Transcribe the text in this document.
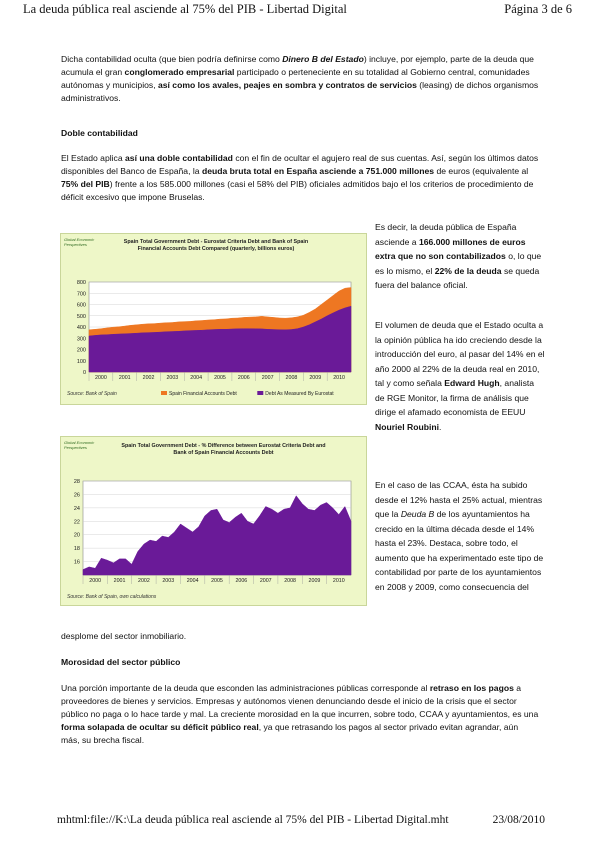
La deuda pública real asciende al 75% del PIB - Libertad Digital	Página 3 de 6

Dicha contabilidad oculta (que bien podría definirse como Dinero B del Estado) incluye, por ejemplo, parte de la deuda que acumula el gran conglomerado empresarial participado o perteneciente en su totalidad al Gobierno central, comunidades autónomas y municipios, así como los avales, peajes en sombra y contratos de servicios (leasing) de dichos organismos administrativos.

Doble contabilidad

El Estado aplica así una doble contabilidad con el fin de ocultar el agujero real de sus cuentas. Así, según los últimos datos disponibles del Banco de España, la deuda bruta total en España asciende a 751.000 millones de euros (equivalente al 75% del PIB) frente a los 585.000 millones (casi el 58% del PIB) oficiales admitidos bajo el los criterios de procedimiento de déficit excesivo que impone Bruselas.

Global Economic Perspectives	Spain Total Government Debt - Eurostat Criteria Debt and Bank of Spain Financial Accounts Debt Compared (quarterly, billions euros)
0
100
200
300
400
500
600
700
800
2000 2001 2002 2003 2004 2005 2006 2007 2008 2009 2010
Spain Financial Accounts Debt	Debt As Measured By Eurostat
Source: Bank of Spain
Global Economic Perspectives	Spain Total Government Debt - % Difference between Eurostat Criteria Debt and Bank of Spain Financial Accounts Debt
16
18
20
22
24
26
28
2000 2001 2002 2003 2004 2005 2006 2007 2008 2009 2010
Source: Bank of Spain, own calculations
Es decir, la deuda pública de España asciende a 166.000 millones de euros extra que no son contabilizados o, lo que es lo mismo, el 22% de la deuda se queda fuera del balance oficial.
El volumen de deuda que el Estado oculta a la opinión pública ha ido creciendo desde la introducción del euro, al pasar del 14% en el año 2000 al 22% de la deuda real en 2010, tal y como señala Edward Hugh, analista de RGE Monitor, la firma de análisis que dirige el afamado economista de EEUU Nouriel Roubini.
En el caso de las CCAA, ésta ha subido desde el 12% hasta el 25% actual, mientras que la Deuda B de los ayuntamientos ha crecido en la última década desde el 14% hasta el 23%. Destaca, sobre todo, el aumento que ha experimentado este tipo de contabilidad por parte de los ayuntamientos en 2008 y 2009, como consecuencia del
desplome del sector inmobiliario.
Morosidad del sector público

Una porción importante de la deuda que esconden las administraciones públicas corresponde al retraso en los pagos a proveedores de bienes y servicios. Empresas y autónomos vienen denunciando desde el inicio de la crisis que el sector público no paga o lo hace tarde y mal. La creciente morosidad en la que incurren, sobre todo, CCAA y ayuntamientos, es una forma solapada de ocultar su déficit público real, ya que retrasando los pagos al sector privado evitan agrandar, aún más, su brecha fiscal.

mhtml:file://K:\La deuda pública real asciende al 75% del PIB - Libertad Digital.mht	23/08/2010
